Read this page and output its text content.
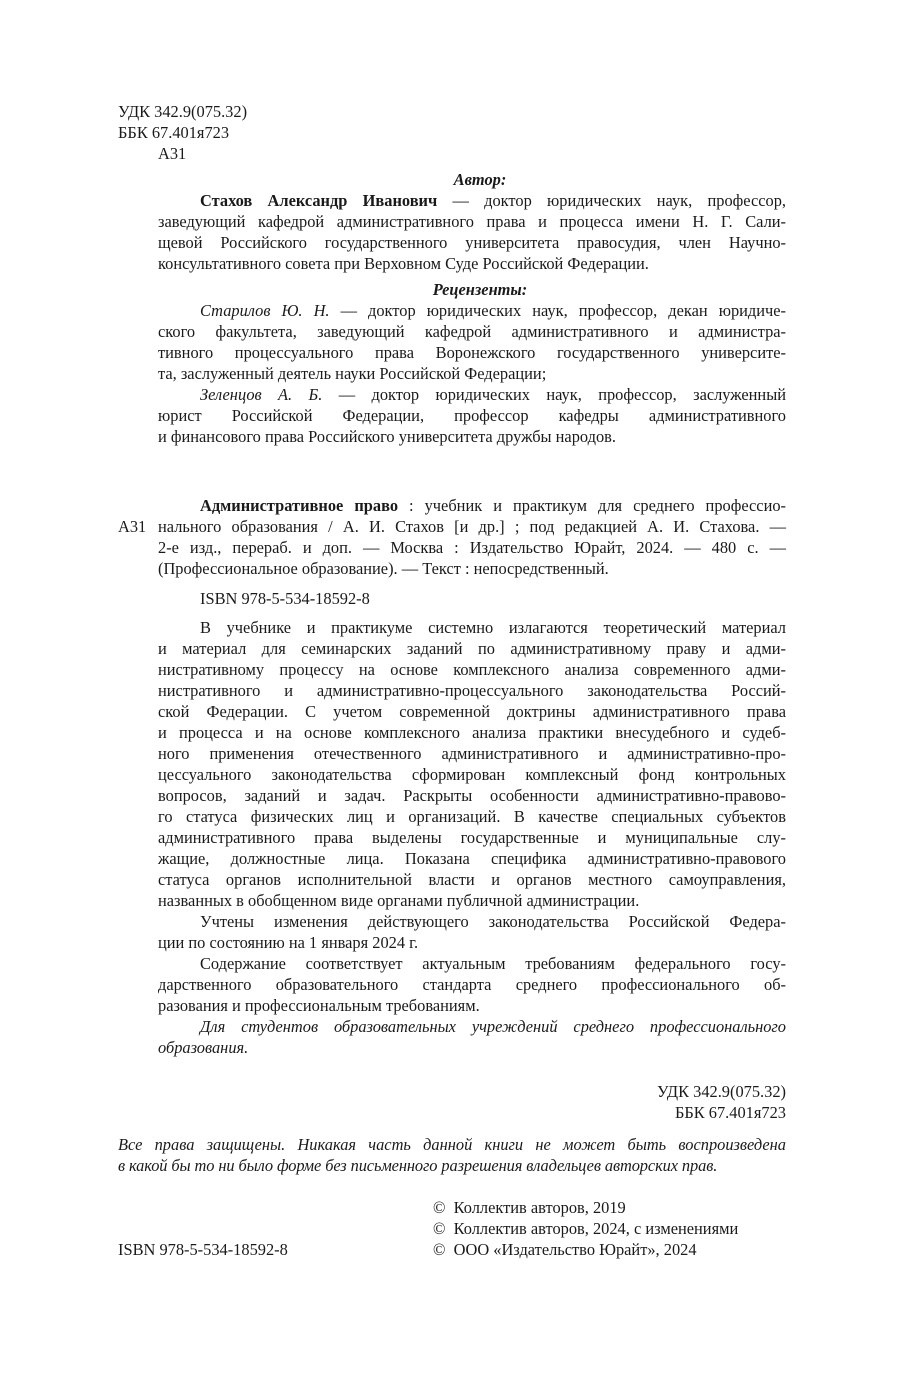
УДК 342.9(075.32)
ББК 67.401я723
А31
Автор:
Стахов Александр Иванович — доктор юридических наук, профессор,
заведующий кафедрой административного права и процесса имени Н. Г. Сали-
щевой Российского государственного университета правосудия, член Научно-
консультативного совета при Верховном Суде Российской Федерации.
Рецензенты:
Старилов Ю. Н. — доктор юридических наук, профессор, декан юридиче-
ского факультета, заведующий кафедрой административного и администра-
тивного процессуального права Воронежского государственного университе-
та, заслуженный деятель науки Российской Федерации;
Зеленцов А. Б. — доктор юридических наук, профессор, заслуженный
юрист Российской Федерации, профессор кафедры административного
и финансового права Российского университета дружбы народов.
А31
Административное право : учебник и практикум для среднего профессио-
нального образования / А. И. Стахов [и др.] ; под редакцией А. И. Стахова. —
2-е изд., перераб. и доп. — Москва : Издательство Юрайт, 2024. — 480 с. —
(Профессиональное образование). — Текст : непосредственный.
ISBN 978-5-534-18592-8
В учебнике и практикуме системно излагаются теоретический материал
и материал для семинарских заданий по административному праву и адми-
нистративному процессу на основе комплексного анализа современного адми-
нистративного и административно-процессуального законодательства Россий-
ской Федерации. С учетом современной доктрины административного права
и процесса и на основе комплексного анализа практики внесудебного и судеб-
ного применения отечественного административного и административно-про-
цессуального законодательства сформирован комплексный фонд контрольных
вопросов, заданий и задач. Раскрыты особенности административно-правово-
го статуса физических лиц и организаций. В качестве специальных субъектов
административного права выделены государственные и муниципальные слу-
жащие, должностные лица. Показана специфика административно-правового
статуса органов исполнительной власти и органов местного самоуправления,
названных в обобщенном виде органами публичной администрации.
Учтены изменения действующего законодательства Российской Федера-
ции по состоянию на 1 января 2024 г.
Содержание соответствует актуальным требованиям федерального госу-
дарственного образовательного стандарта среднего профессионального об-
разования и профессиональным требованиям.
Для студентов образовательных учреждений среднего профессионального
образования.
УДК 342.9(075.32)
ББК 67.401я723
Все права защищены. Никакая часть данной книги не может быть воспроизведена
в какой бы то ни было форме без письменного разрешения владельцев авторских прав.
©  Коллектив авторов, 2019
©  Коллектив авторов, 2024, с изменениями
ISBN 978-5-534-18592-8	©  ООО «Издательство Юрайт», 2024
